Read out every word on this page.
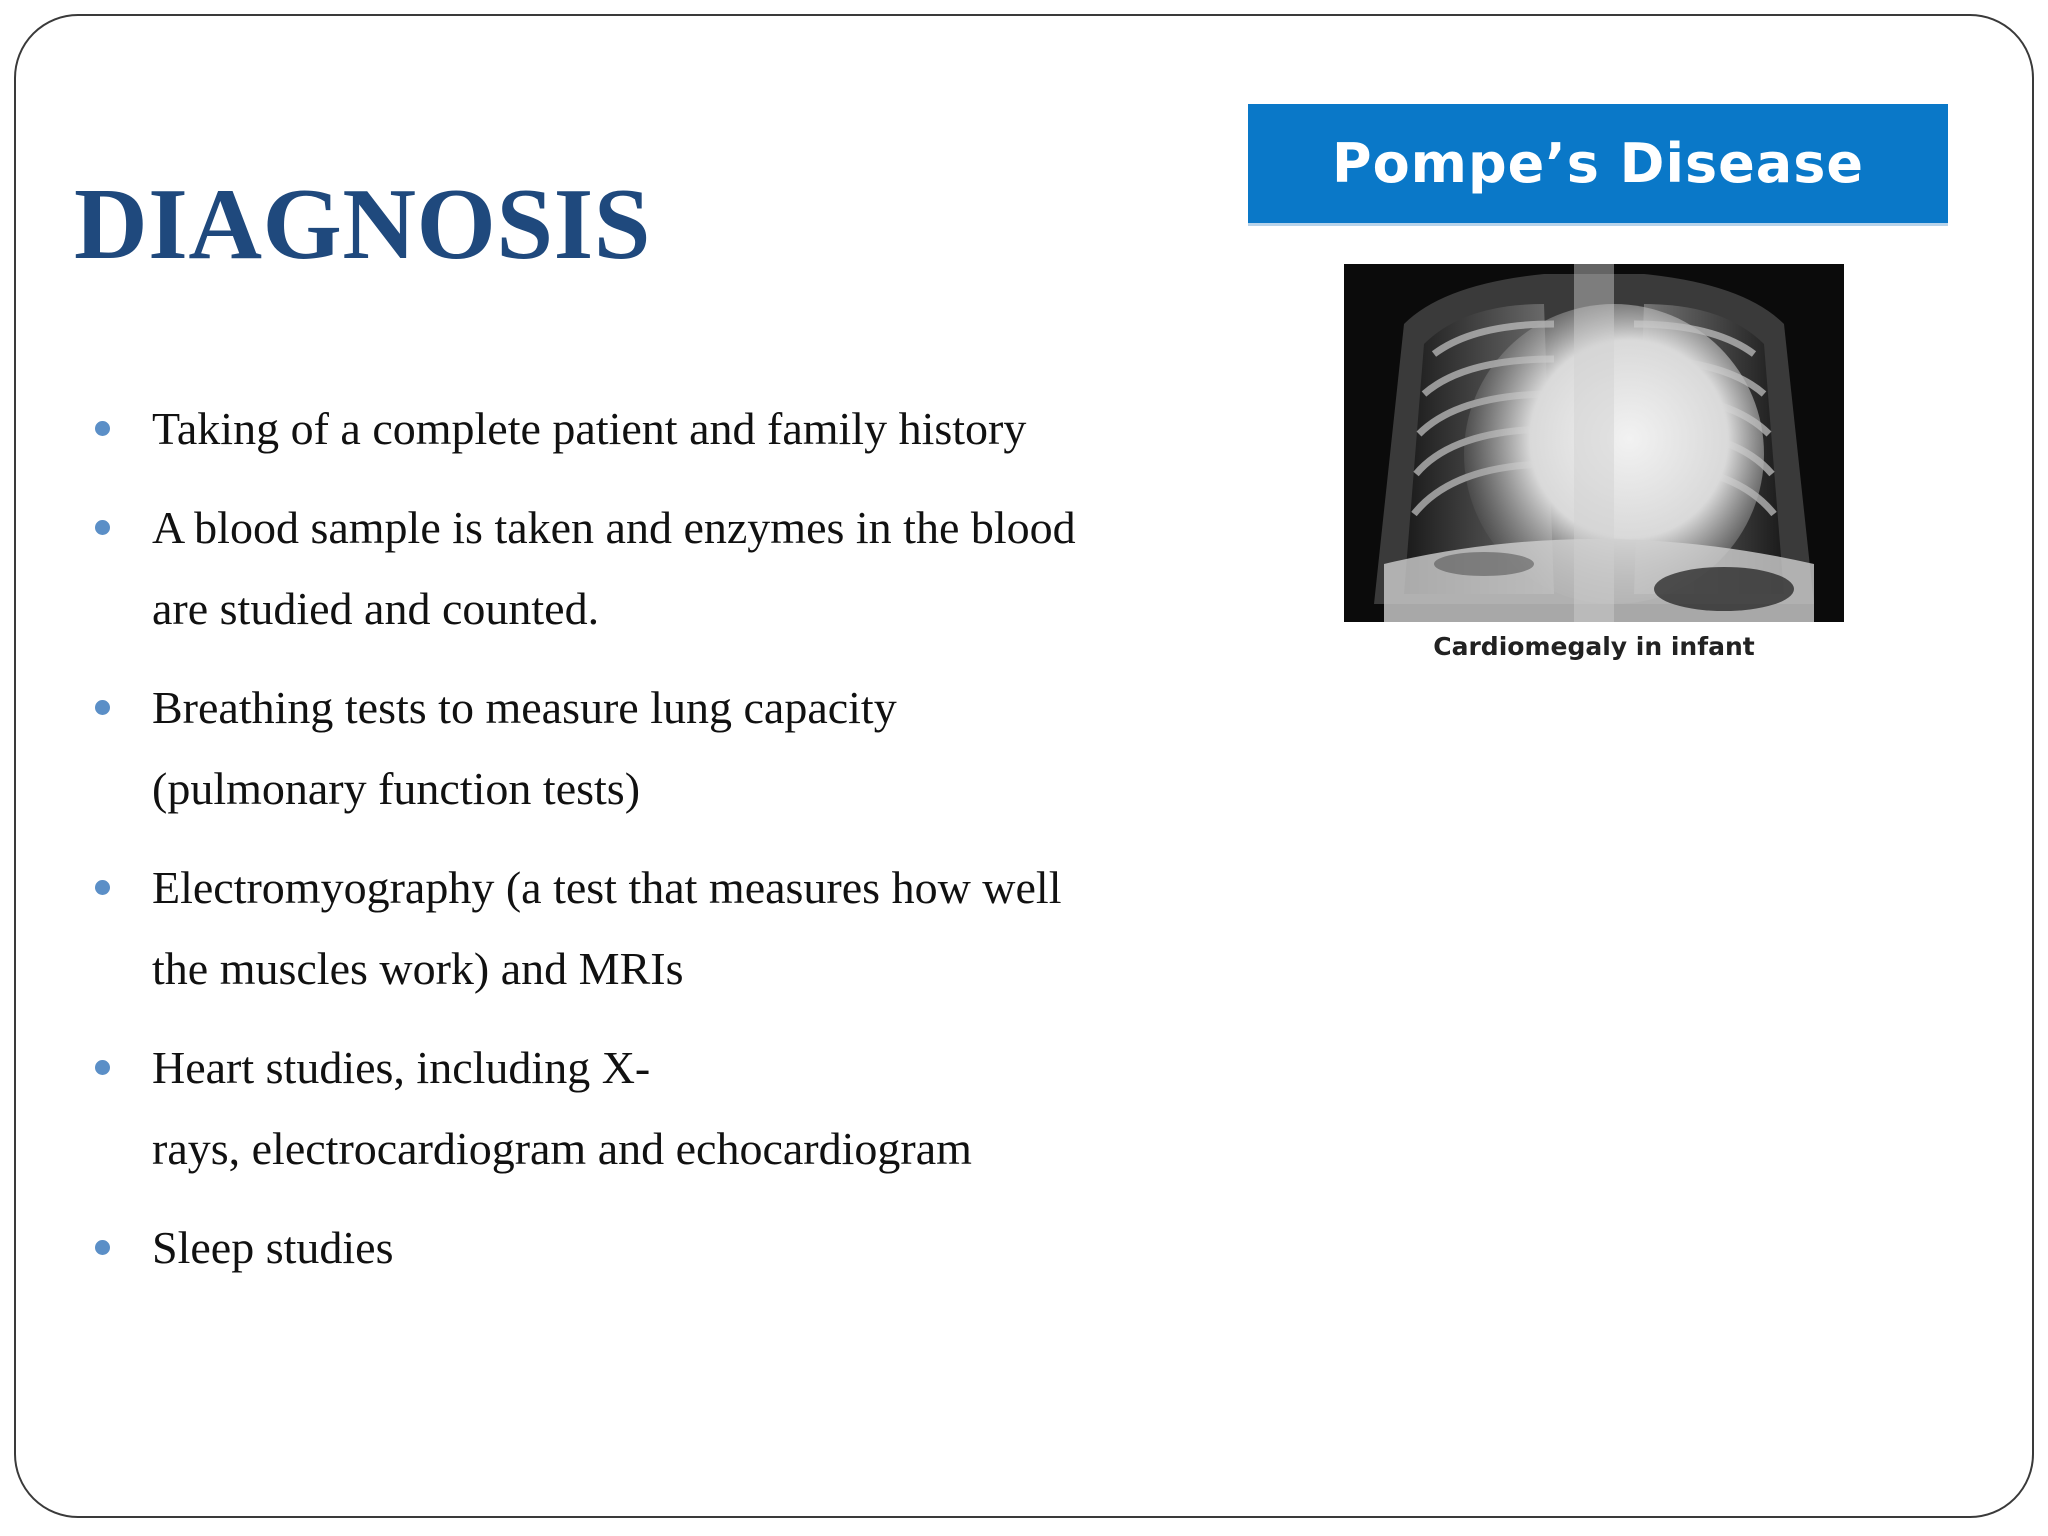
DIAGNOSIS
Taking of a complete patient and family history
A blood sample is taken and enzymes in the blood
are studied and counted.
Breathing tests to measure lung capacity
(pulmonary function tests)
Electromyography (a test that measures how well
the muscles work) and MRIs
Heart studies, including X-
rays, electrocardiogram and echocardiogram
Sleep studies
Pompe’s Disease
Cardiomegaly in infant
